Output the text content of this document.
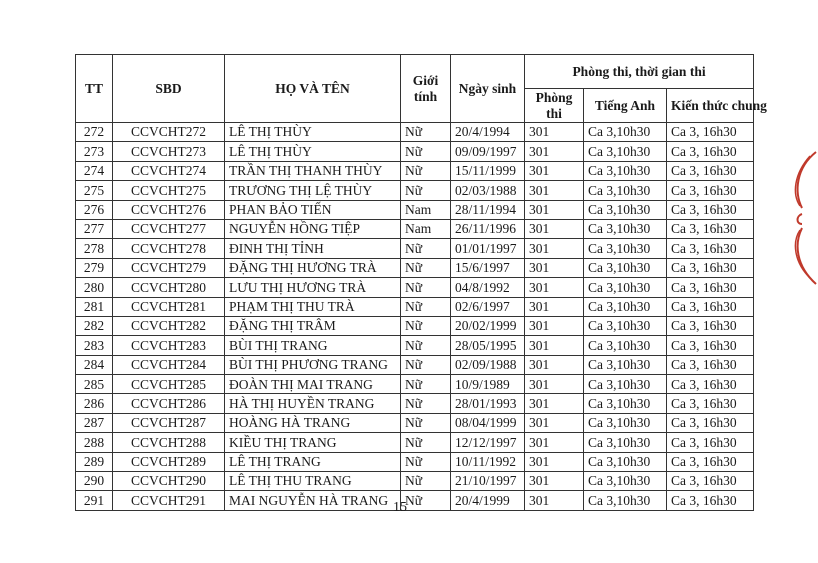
TT	SBD	HỌ VÀ TÊN	Giới tính	Ngày sinh	Phòng thi, thời gian thi		
					Phòng thi	Tiếng Anh	Kiến thức chung
272	CCVCHT272	LÊ THỊ THÙY	Nữ	20/4/1994	301	Ca 3,10h30	Ca 3, 16h30
273	CCVCHT273	LÊ THỊ THÙY	Nữ	09/09/1997	301	Ca 3,10h30	Ca 3, 16h30
274	CCVCHT274	TRẦN THỊ THANH THÙY	Nữ	15/11/1999	301	Ca 3,10h30	Ca 3, 16h30
275	CCVCHT275	TRƯƠNG THỊ LỆ THÙY	Nữ	02/03/1988	301	Ca 3,10h30	Ca 3, 16h30
276	CCVCHT276	PHAN BẢO TIẾN	Nam	28/11/1994	301	Ca 3,10h30	Ca 3, 16h30
277	CCVCHT277	NGUYỄN HỒNG TIỆP	Nam	26/11/1996	301	Ca 3,10h30	Ca 3, 16h30
278	CCVCHT278	ĐINH THỊ TỈNH	Nữ	01/01/1997	301	Ca 3,10h30	Ca 3, 16h30
279	CCVCHT279	ĐẶNG THỊ HƯƠNG TRÀ	Nữ	15/6/1997	301	Ca 3,10h30	Ca 3, 16h30
280	CCVCHT280	LƯU THỊ HƯƠNG TRÀ	Nữ	04/8/1992	301	Ca 3,10h30	Ca 3, 16h30
281	CCVCHT281	PHẠM THỊ THU TRÀ	Nữ	02/6/1997	301	Ca 3,10h30	Ca 3, 16h30
282	CCVCHT282	ĐẶNG THỊ TRÂM	Nữ	20/02/1999	301	Ca 3,10h30	Ca 3, 16h30
283	CCVCHT283	BÙI THỊ TRANG	Nữ	28/05/1995	301	Ca 3,10h30	Ca 3, 16h30
284	CCVCHT284	BÙI THỊ PHƯƠNG TRANG	Nữ	02/09/1988	301	Ca 3,10h30	Ca 3, 16h30
285	CCVCHT285	ĐOÀN THỊ MAI TRANG	Nữ	10/9/1989	301	Ca 3,10h30	Ca 3, 16h30
286	CCVCHT286	HÀ THỊ HUYỀN TRANG	Nữ	28/01/1993	301	Ca 3,10h30	Ca 3, 16h30
287	CCVCHT287	HOÀNG HÀ TRANG	Nữ	08/04/1999	301	Ca 3,10h30	Ca 3, 16h30
288	CCVCHT288	KIỀU THỊ TRANG	Nữ	12/12/1997	301	Ca 3,10h30	Ca 3, 16h30
289	CCVCHT289	LÊ THỊ TRANG	Nữ	10/11/1992	301	Ca 3,10h30	Ca 3, 16h30
290	CCVCHT290	LÊ THỊ THU TRANG	Nữ	21/10/1997	301	Ca 3,10h30	Ca 3, 16h30
291	CCVCHT291	MAI NGUYỄN HÀ TRANG	Nữ	20/4/1999	301	Ca 3,10h30	Ca 3, 16h30
15
